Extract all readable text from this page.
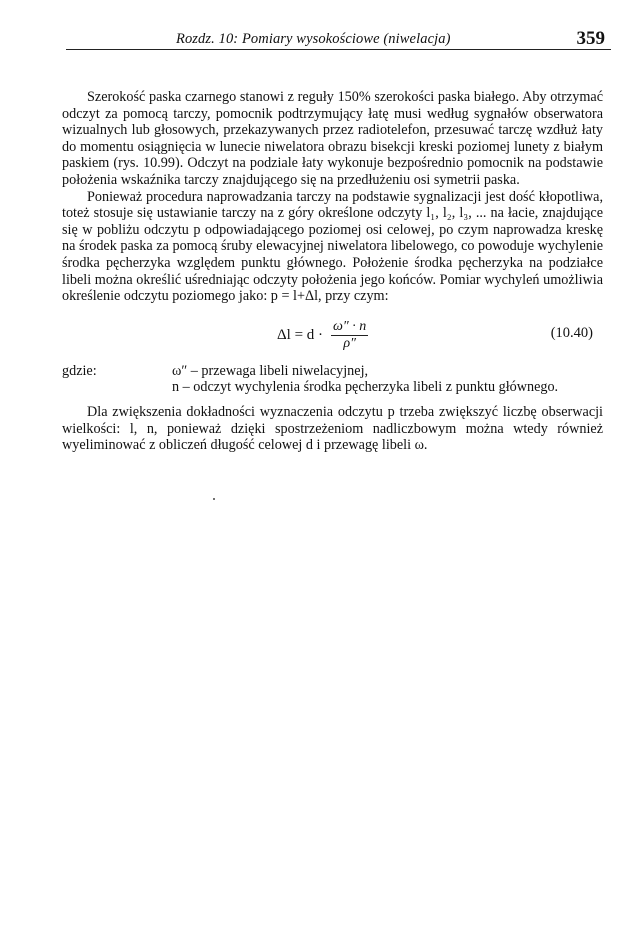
Rozdz. 10: Pomiary wysokościowe (niwelacja)	359

Szerokość paska czarnego stanowi z reguły 150% szerokości paska białego. Aby otrzymać odczyt za pomocą tarczy, pomocnik podtrzymujący łatę musi według sygnałów obserwatora wizualnych lub głosowych, przekazywanych przez radiotelefon, przesuwać tarczę wzdłuż łaty do momentu osiągnięcia w lunecie niwelatora obrazu bisekcji kreski poziomej lunety z białym paskiem (rys. 10.99). Odczyt na podziale łaty wykonuje bezpośrednio pomocnik na podstawie położenia wskaźnika tarczy znajdującego się na przedłużeniu osi symetrii paska.

Ponieważ procedura naprowadzania tarczy na podstawie sygnalizacji jest dość kłopotliwa, toteż stosuje się ustawianie tarczy na z góry określone odczyty l₁, l₂, l₃, ... na łacie, znajdujące się w pobliżu odczytu p odpowiadającego poziomej osi celowej, po czym naprowadza kreskę na środek paska za pomocą śruby elewacyjnej niwelatora libelowego, co powoduje wychylenie środka pęcherzyka względem punktu głównego. Położenie środka pęcherzyka na podziałce libeli można określić uśredniając odczyty położenia jego końców. Pomiar wychyleń umożliwia określenie odczytu poziomego jako: p = l+Δl, przy czym:

$\Delta l = d \cdot \frac{\omega'' \cdot n}{\rho''}$	(10.40)
gdzie:	ω″ – przewaga libeli niwelacyjnej,

n – odczyt wychylenia środka pęcherzyka libeli z punktu głównego.

Dla zwiększenia dokładności wyznaczenia odczytu p trzeba zwiększyć liczbę obserwacji wielkości: l, n, ponieważ dzięki spostrzeżeniom nadliczbowym można wtedy również wyeliminować z obliczeń długość celowej d i przewagę libeli ω.
